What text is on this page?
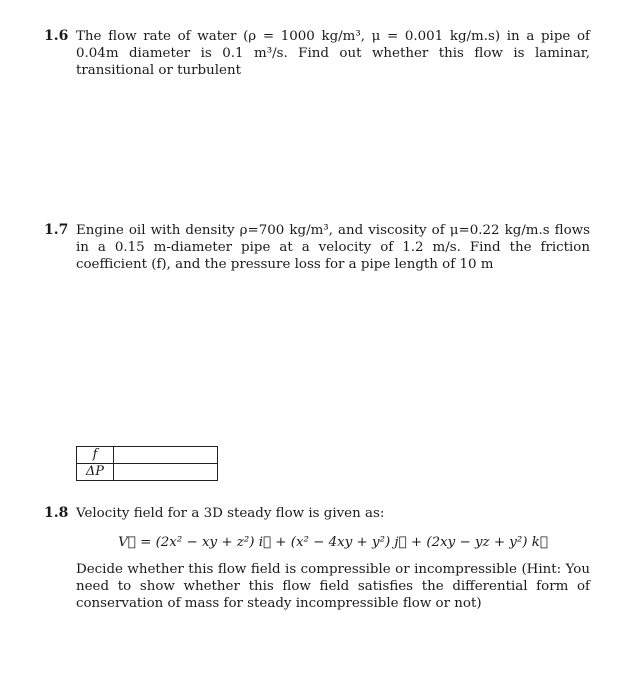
1.6 The flow rate of water (ρ = 1000 kg/m³, μ = 0.001 kg/m.s) in a pipe of 0.04m diameter is 0.1 m³/s. Find out whether this flow is laminar, transitional or turbulent

1.7 Engine oil with density ρ=700 kg/m³, and viscosity of μ=0.22 kg/m.s flows in a 0.15 m-diameter pipe at a velocity of 1.2 m/s. Find the friction coefficient (f), and the pressure loss for a pipe length of 10 m

f	
ΔP	
1.8 Velocity field for a 3D steady flow is given as:

V⃗ = (2x² − xy + z²) i⃗ + (x² − 4xy + y²) j⃗ + (2xy − yz + y²) k⃗

Decide whether this flow field is compressible or incompressible (Hint: You need to show whether this flow field satisfies the differential form of conservation of mass for steady incompressible flow or not)
